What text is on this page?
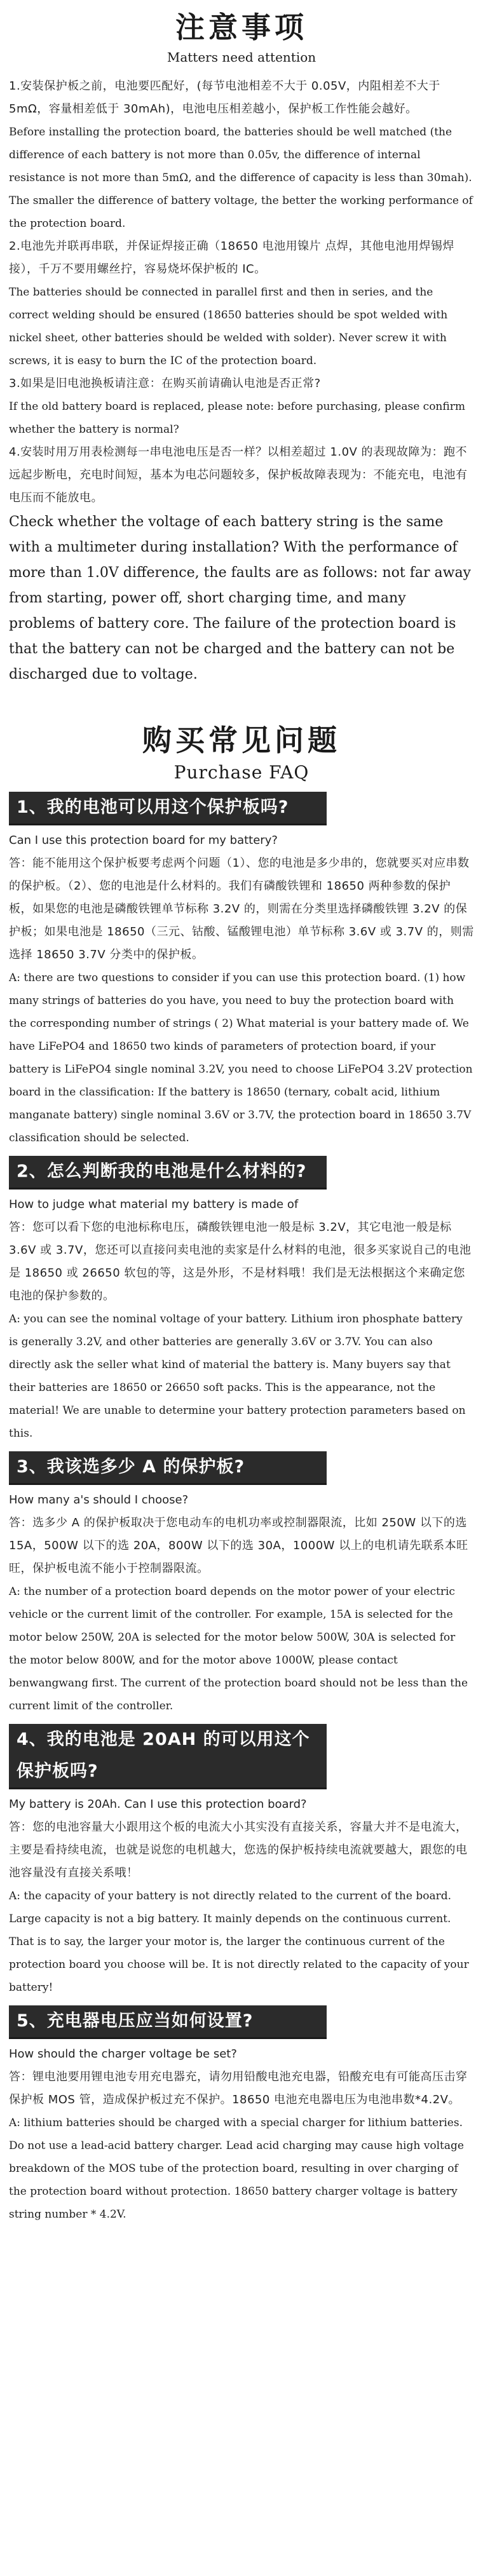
注意事项
Matters need attention

1.安装保护板之前，电池要匹配好，(每节电池相差不大于 0.05V，内阻相差不大于 5mΩ，容量相差低于 30mAh)，电池电压相差越小，保护板工作性能会越好。

Before installing the protection board, the batteries should be well matched (the difference of each battery is not more than 0.05v, the difference of internal resistance is not more than 5mΩ, and the difference of capacity is less than 30mah). The smaller the difference of battery voltage, the better the working performance of the protection board.

2.电池先并联再串联，并保证焊接正确（18650 电池用镍片 点焊，其他电池用焊锡焊接），千万不要用螺丝拧，容易烧坏保护板的 IC。

The batteries should be connected in parallel first and then in series, and the correct welding should be ensured (18650 batteries should be spot welded with nickel sheet, other batteries should be welded with solder). Never screw it with screws, it is easy to burn the IC of the protection board.

3.如果是旧电池换板请注意：在购买前请确认电池是否正常?

If the old battery board is replaced, please note: before purchasing, please confirm whether the battery is normal?

4.安装时用万用表检测每一串电池电压是否一样？以相差超过 1.0V 的表现故障为：跑不远起步断电，充电时间短，基本为电芯问题较多，保护板故障表现为：不能充电，电池有电压而不能放电。

Check whether the voltage of each battery string is the same with a multimeter during installation? With the performance of more than 1.0V difference, the faults are as follows: not far away from starting, power off, short charging time, and many problems of battery core. The failure of the protection board is that the battery can not be charged and the battery can not be discharged due to voltage.

购买常见问题
Purchase FAQ
1、我的电池可以用这个保护板吗?

Can I use this protection board for my battery?

答：能不能用这个保护板要考虑两个问题（1）、您的电池是多少串的，您就要买对应串数的保护板。（2）、您的电池是什么材料的。我们有磷酸铁锂和 18650 两种参数的保护板，如果您的电池是磷酸铁锂单节标称 3.2V 的，则需在分类里选择磷酸铁锂 3.2V 的保护板；如果电池是 18650（三元、钴酸、锰酸锂电池）单节标称 3.6V 或 3.7V 的，则需选择 18650 3.7V 分类中的保护板。

A: there are two questions to consider if you can use this protection board. (1) how many strings of batteries do you have, you need to buy the protection board with the corresponding number of strings ( 2) What material is your battery made of. We have LiFePO4 and 18650 two kinds of parameters of protection board, if your battery is LiFePO4 single nominal 3.2V, you need to choose LiFePO4 3.2V protection board in the classification: If the battery is 18650 (ternary, cobalt acid, lithium manganate battery) single nominal 3.6V or 3.7V, the protection board in 18650 3.7V classification should be selected.

2、怎么判断我的电池是什么材料的?

How to judge what material my battery is made of

答：您可以看下您的电池标称电压，磷酸铁锂电池一般是标 3.2V，其它电池一般是标 3.6V 或 3.7V，您还可以直接问卖电池的卖家是什么材料的电池，很多买家说自己的电池是 18650 或 26650 软包的等，这是外形，不是材料哦！我们是无法根据这个来确定您电池的保护参数的。

A: you can see the nominal voltage of your battery. Lithium iron phosphate battery is generally 3.2V, and other batteries are generally 3.6V or 3.7V. You can also directly ask the seller what kind of material the battery is. Many buyers say that their batteries are 18650 or 26650 soft packs. This is the appearance, not the material! We are unable to determine your battery protection parameters based on this.

3、我该选多少 A 的保护板?

How many a's should I choose?

答：选多少 A 的保护板取决于您电动车的电机功率或控制器限流，比如 250W 以下的选 15A，500W 以下的选 20A，800W 以下的选 30A，1000W 以上的电机请先联系本旺旺，保护板电流不能小于控制器限流。

A: the number of a protection board depends on the motor power of your electric vehicle or the current limit of the controller. For example, 15A is selected for the motor below 250W, 20A is selected for the motor below 500W, 30A is selected for the motor below 800W, and for the motor above 1000W, please contact benwangwang first. The current of the protection board should not be less than the current limit of the controller.

4、我的电池是 20AH 的可以用这个保护板吗?

My battery is 20Ah. Can I use this protection board?

答：您的电池容量大小跟用这个板的电流大小其实没有直接关系，容量大并不是电流大，主要是看持续电流，也就是说您的电机越大，您选的保护板持续电流就要越大，跟您的电池容量没有直接关系哦！

A: the capacity of your battery is not directly related to the current of the board. Large capacity is not a big battery. It mainly depends on the continuous current. That is to say, the larger your motor is, the larger the continuous current of the protection board you choose will be. It is not directly related to the capacity of your battery!

5、充电器电压应当如何设置?

How should the charger voltage be set?

答：锂电池要用锂电池专用充电器充，请勿用铅酸电池充电器，铅酸充电有可能高压击穿保护板 MOS 管，造成保护板过充不保护。18650 电池充电器电压为电池串数*4.2V。

A: lithium batteries should be charged with a special charger for lithium batteries. Do not use a lead-acid battery charger. Lead acid charging may cause high voltage breakdown of the MOS tube of the protection board, resulting in over charging of the protection board without protection. 18650 battery charger voltage is battery string number * 4.2V.
